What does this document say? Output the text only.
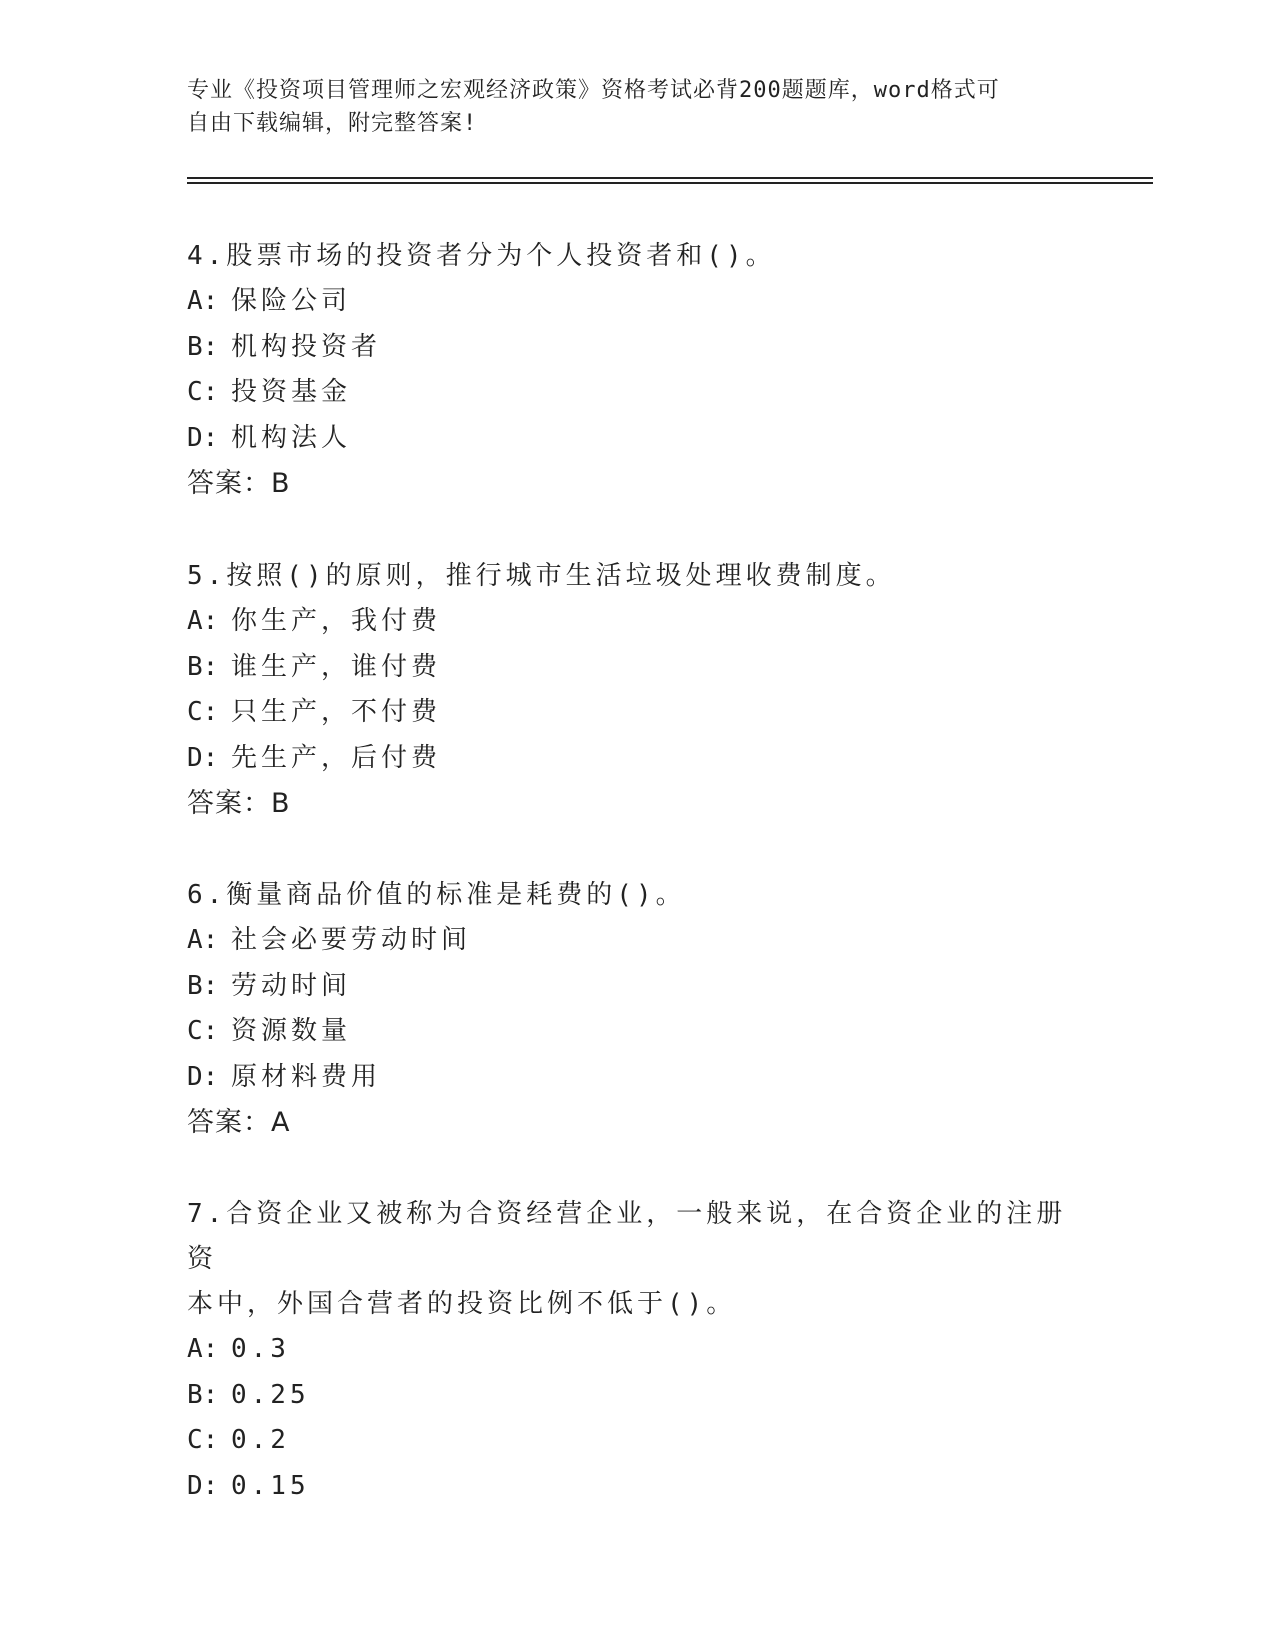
专业《投资项目管理师之宏观经济政策》资格考试必背200题题库，word格式可
自由下载编辑，附完整答案!

4.股票市场的投资者分为个人投资者和()。

A: 保险公司

B: 机构投资者

C: 投资基金

D: 机构法人

答案：B

5.按照()的原则，推行城市生活垃圾处理收费制度。

A: 你生产，我付费

B: 谁生产，谁付费

C: 只生产，不付费

D: 先生产，后付费

答案：B

6.衡量商品价值的标准是耗费的()。

A: 社会必要劳动时间

B: 劳动时间

C: 资源数量

D: 原材料费用

答案：A

7.合资企业又被称为合资经营企业，一般来说，在合资企业的注册资

本中，外国合营者的投资比例不低于()。

A: 0.3

B: 0.25

C: 0.2

D: 0.15
